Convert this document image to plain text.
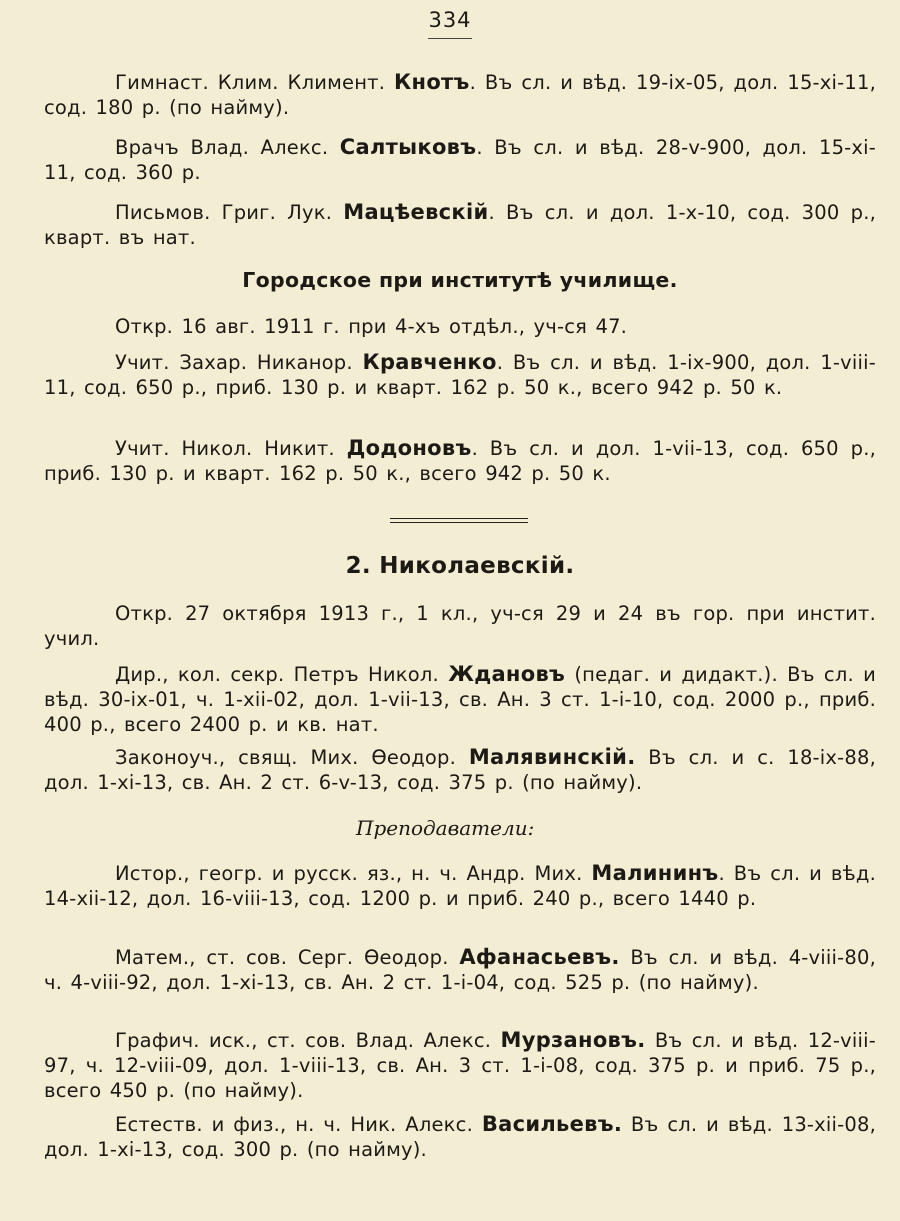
334
Гимнаст. Клим. Климент. Кнотъ. Въ сл. и вѣд. 19-ix-05, дол. 15-xi-11, сод. 180 р. (по найму).
Врачъ Влад. Алекс. Салтыковъ. Въ сл. и вѣд. 28-v-900, дол. 15-xi-11, сод. 360 р.
Письмов. Григ. Лук. Мацѣевскій. Въ сл. и дол. 1-x-10, сод. 300 р., кварт. въ нат.
Городское при институтѣ училище.
Откр. 16 авг. 1911 г. при 4-хъ отдѣл., уч-ся 47.
Учит. Захар. Никанор. Кравченко. Въ сл. и вѣд. 1-ix-900, дол. 1-viii-11, сод. 650 р., приб. 130 р. и кварт. 162 р. 50 к., всего 942 р. 50 к.
Учит. Никол. Никит. Додоновъ. Въ сл. и дол. 1-vii-13, сод. 650 р., приб. 130 р. и кварт. 162 р. 50 к., всего 942 р. 50 к.
2. Николаевскій.
Откр. 27 октября 1913 г., 1 кл., уч-ся 29 и 24 въ гор. при инстит. учил.
Дир., кол. секр. Петръ Никол. Ждановъ (педаг. и дидакт.). Въ сл. и вѣд. 30-ix-01, ч. 1-xii-02, дол. 1-vii-13, св. Ан. 3 ст. 1-i-10, сод. 2000 р., приб. 400 р., всего 2400 р. и кв. нат.
Законоуч., свящ. Мих. Ѳеодор. Малявинскій. Въ сл. и с. 18-ix-88, дол. 1-xi-13, св. Ан. 2 ст. 6-v-13, сод. 375 р. (по найму).
Преподаватели:
Истор., геогр. и русск. яз., н. ч. Андр. Мих. Малининъ. Въ сл. и вѣд. 14-xii-12, дол. 16-viii-13, сод. 1200 р. и приб. 240 р., всего 1440 р.
Матем., ст. сов. Серг. Ѳеодор. Афанасьевъ. Въ сл. и вѣд. 4-viii-80, ч. 4-viii-92, дол. 1-xi-13, св. Ан. 2 ст. 1-i-04, сод. 525 р. (по найму).
Графич. иск., ст. сов. Влад. Алекс. Мурзановъ. Въ сл. и вѣд. 12-viii-97, ч. 12-viii-09, дол. 1-viii-13, св. Ан. 3 ст. 1-i-08, сод. 375 р. и приб. 75 р., всего 450 р. (по найму).
Естеств. и физ., н. ч. Ник. Алекс. Васильевъ. Въ сл. и вѣд. 13-xii-08, дол. 1-xi-13, сод. 300 р. (по найму).
